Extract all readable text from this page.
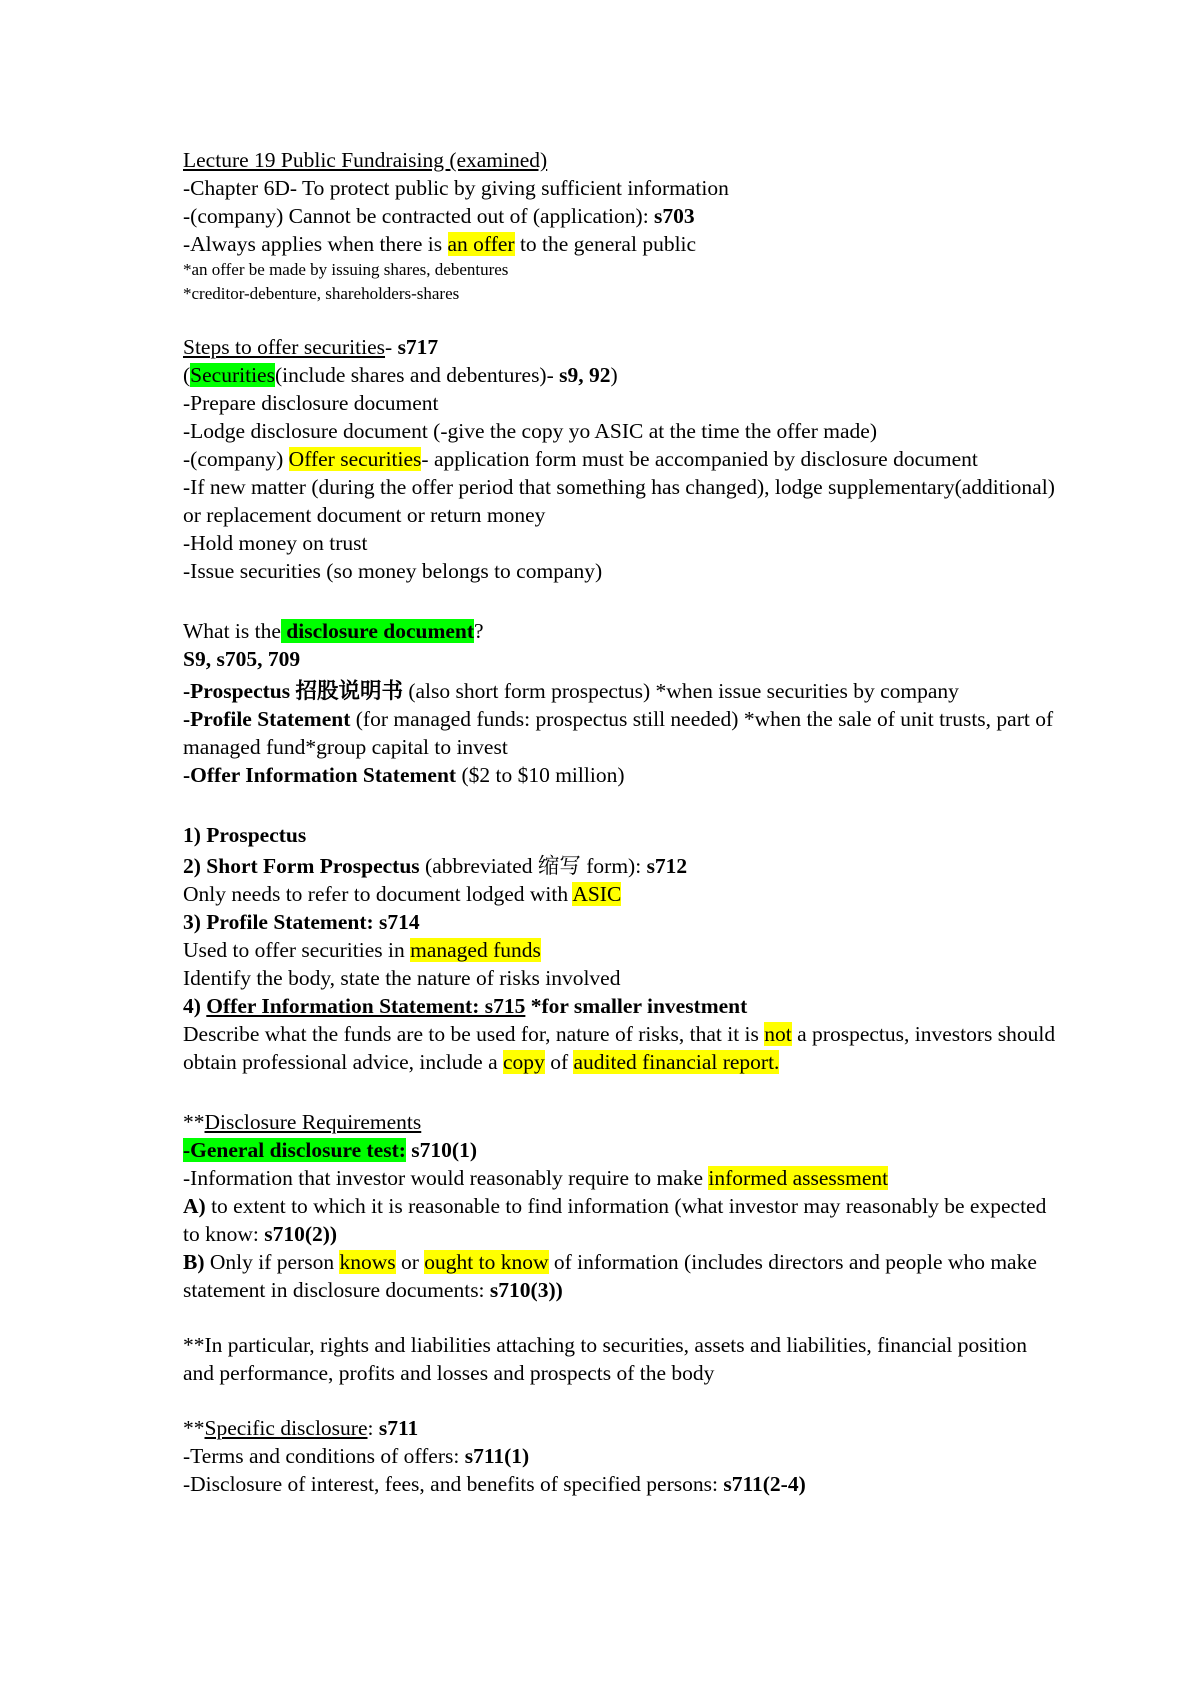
Lecture 19 Public Fundraising (examined)
-Chapter 6D- To protect public by giving sufficient information
-(company) Cannot be contracted out of (application): s703
-Always applies when there is an offer to the general public
*an offer be made by issuing shares, debentures
*creditor-debenture, shareholders-shares
Steps to offer securities- s717
(Securities(include shares and debentures)- s9, 92)
-Prepare disclosure document
-Lodge disclosure document (-give the copy yo ASIC at the time the offer made)
-(company) Offer securities- application form must be accompanied by disclosure document
-If new matter (during the offer period that something has changed), lodge supplementary(additional) or replacement document or return money
-Hold money on trust
-Issue securities (so money belongs to company)
What is the disclosure document?
S9, s705, 709
-Prospectus 招股说明书 (also short form prospectus) *when issue securities by company
-Profile Statement (for managed funds: prospectus still needed) *when the sale of unit trusts, part of managed fund*group capital to invest
-Offer Information Statement ($2 to $10 million)
1) Prospectus
2) Short Form Prospectus (abbreviated 缩写 form): s712
Only needs to refer to document lodged with ASIC
3) Profile Statement: s714
Used to offer securities in managed funds
Identify the body, state the nature of risks involved
4) Offer Information Statement: s715 *for smaller investment
Describe what the funds are to be used for, nature of risks, that it is not a prospectus, investors should obtain professional advice, include a copy of audited financial report.
**Disclosure Requirements
-General disclosure test: s710(1)
-Information that investor would reasonably require to make informed assessment
A) to extent to which it is reasonable to find information (what investor may reasonably be expected to know: s710(2))
B) Only if person knows or ought to know of information (includes directors and people who make statement in disclosure documents: s710(3))
**In particular, rights and liabilities attaching to securities, assets and liabilities, financial position and performance, profits and losses and prospects of the body
**Specific disclosure: s711
-Terms and conditions of offers: s711(1)
-Disclosure of interest, fees, and benefits of specified persons: s711(2-4)
